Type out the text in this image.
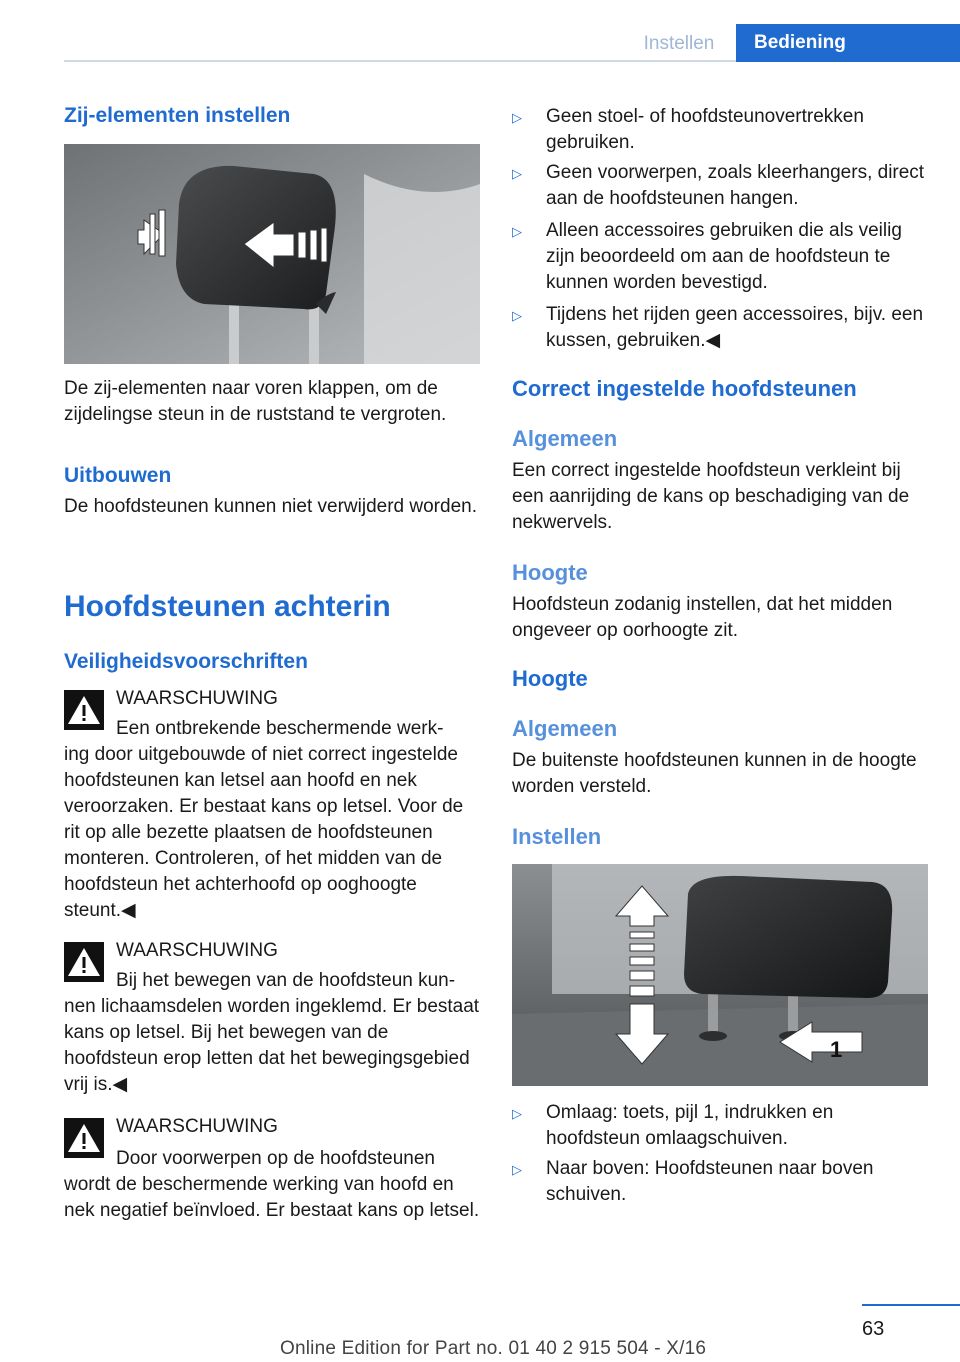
Instellen	Bediening
Zij-elementen instellen
De zij-elementen naar voren klappen, om de zijdelingse steun in de ruststand te vergroten.
Uitbouwen
De hoofdsteunen kunnen niet verwijderd worden.
Hoofdsteunen achterin
Veiligheidsvoorschriften
WAARSCHUWING
Een ontbrekende beschermende werk-
ing door uitgebouwde of niet correct ingestelde hoofdsteunen kan letsel aan hoofd en nek veroorzaken. Er bestaat kans op letsel. Voor de rit op alle bezette plaatsen de hoofdsteunen monteren. Controleren, of het midden van de hoofdsteun het achterhoofd op ooghoogte steunt.◀
WAARSCHUWING
Bij het bewegen van de hoofdsteun kun-
nen lichaamsdelen worden ingeklemd. Er bestaat kans op letsel. Bij het bewegen van de hoofdsteun erop letten dat het bewegingsgebied vrij is.◀
WAARSCHUWING
Door voorwerpen op de hoofdsteunen
wordt de beschermende werking van hoofd en nek negatief beïnvloed. Er bestaat kans op letsel.
▷ Geen stoel- of hoofdsteunovertrekken gebruiken.
▷ Geen voorwerpen, zoals kleerhangers, direct aan de hoofdsteunen hangen.
▷ Alleen accessoires gebruiken die als veilig zijn beoordeeld om aan de hoofdsteun te kunnen worden bevestigd.
▷ Tijdens het rijden geen accessoires, bijv. een kussen, gebruiken.◀
Correct ingestelde hoofdsteunen
Algemeen
Een correct ingestelde hoofdsteun verkleint bij een aanrijding de kans op beschadiging van de nekwervels.
Hoogte
Hoofdsteun zodanig instellen, dat het midden ongeveer op oorhoogte zit.
Hoogte
Algemeen
De buitenste hoofdsteunen kunnen in de hoogte worden versteld.
Instellen
1
▷ Omlaag: toets, pijl 1, indrukken en hoofdsteun omlaagschuiven.
▷ Naar boven: Hoofdsteunen naar boven schuiven.
63
Online Edition for Part no. 01 40 2 915 504 - X/16
